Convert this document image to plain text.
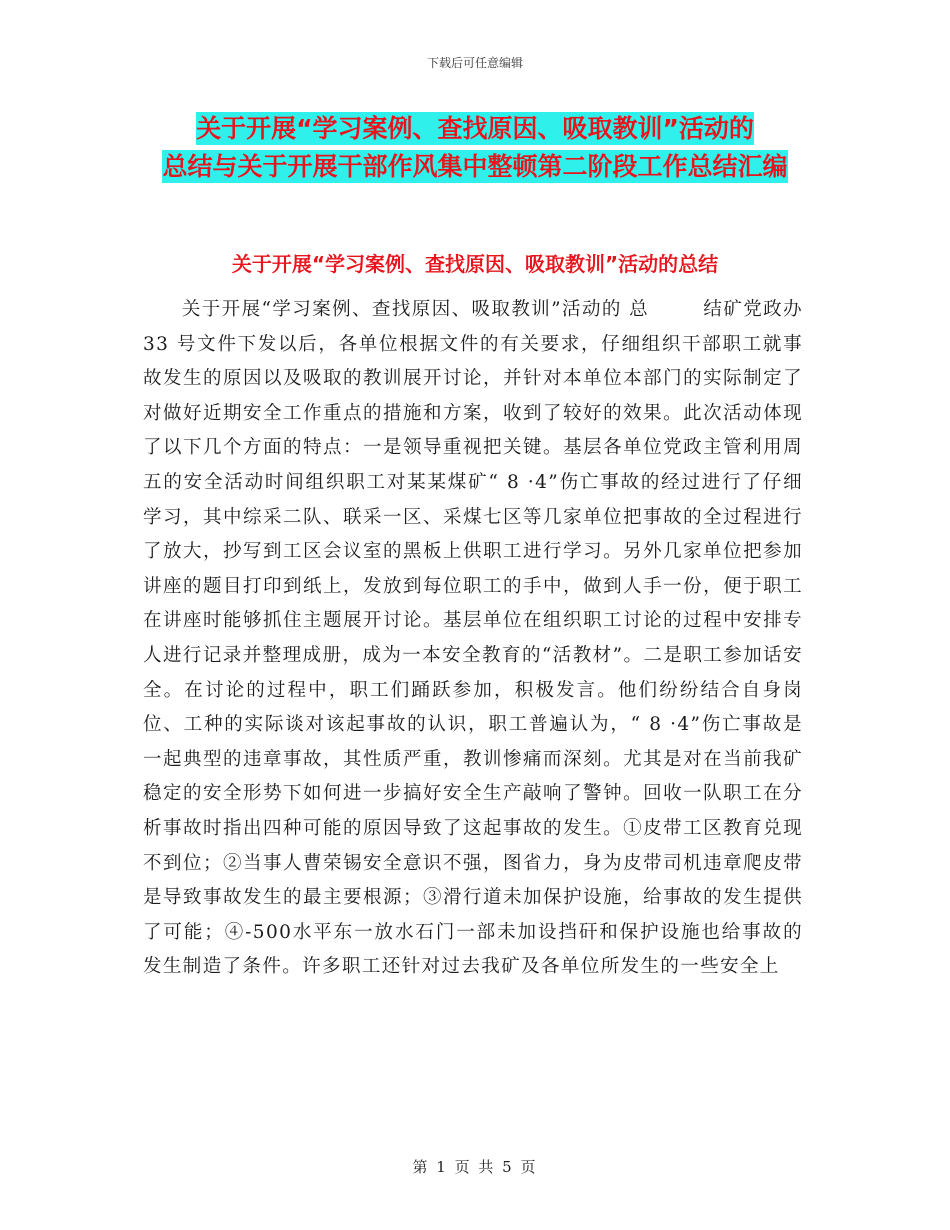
下载后可任意编辑
关于开展“学习案例、查找原因、吸取教训”活动的
总结与关于开展干部作风集中整顿第二阶段工作总结汇编
关于开展“学习案例、查找原因、吸取教训”活动的总结
关于开展“学习案例、查找原因、吸取教训”活动的 总 　　 结矿党政办 33 号文件下发以后，各单位根据文件的有关要求，仔细组织干部职工就事故发生的原因以及吸取的教训展开讨论，并针对本单位本部门的实际制定了对做好近期安全工作重点的措施和方案，收到了较好的效果。此次活动体现了以下几个方面的特点：一是领导重视把关键。基层各单位党政主管利用周五的安全活动时间组织职工对某某煤矿“ 8 ·4”伤亡事故的经过进行了仔细学习，其中综采二队、联采一区、采煤七区等几家单位把事故的全过程进行了放大，抄写到工区会议室的黑板上供职工进行学习。另外几家单位把参加讲座的题目打印到纸上，发放到每位职工的手中，做到人手一份，便于职工在讲座时能够抓住主题展开讨论。基层单位在组织职工讨论的过程中安排专人进行记录并整理成册，成为一本安全教育的“活教材”。二是职工参加话安全。在讨论的过程中，职工们踊跃参加，积极发言。他们纷纷结合自身岗位、工种的实际谈对该起事故的认识，职工普遍认为，“ 8 ·4”伤亡事故是一起典型的违章事故，其性质严重，教训惨痛而深刻。尤其是对在当前我矿稳定的安全形势下如何进一步搞好安全生产敲响了警钟。回收一队职工在分析事故时指出四种可能的原因导致了这起事故的发生。①皮带工区教育兑现不到位；②当事人曹荣锡安全意识不强，图省力，身为皮带司机违章爬皮带是导致事故发生的最主要根源；③滑行道未加保护设施，给事故的发生提供了可能；④-500水平东一放水石门一部未加设挡矸和保护设施也给事故的发生制造了条件。许多职工还针对过去我矿及各单位所发生的一些安全上
第 1 页 共 5 页
